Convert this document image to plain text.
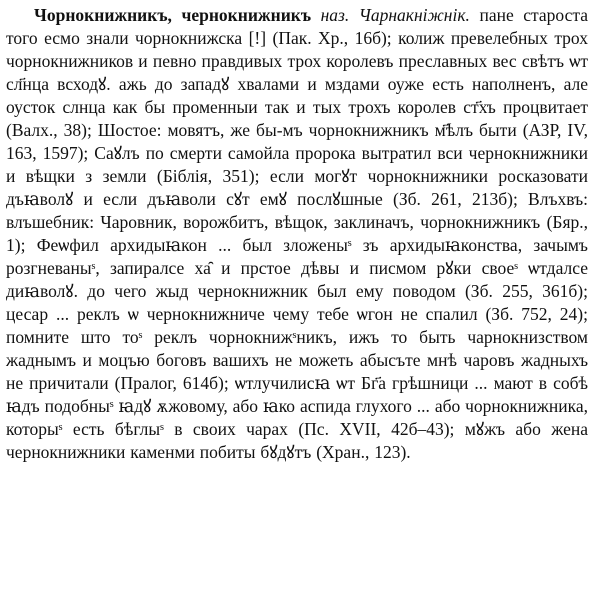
Чорнокнижникъ, чернокнижникъ наз. Чарнакніжнік. пане староста того есмо знали чорнокнижска [!] (Пак. Хр., 16б); колиж превелебных трох чорнокнижников и певно правдивых трох королевъ преславных вес свѣтъ ѡт сл҃нца всходꙋ. ажь до западꙋ хвалами и мздами оуже есть наполненъ, але оусток слнца как бы променныи так и тых трохъ королев ст҃хъ процвитает (Валх., 38); Шостое: мовятъ, же бы-мъ чорнокнижникъ м҃ѣлъ быти (АЗР, IV, 163, 1597); Саꙋлъ по смерти самойла пророка вытратил вси чернокнижники и вѣщки з земли (Біблія, 351); если могꙋт чорнокнижники росказовати дъꙗволꙋ и если дъꙗволи сꙋт емꙋ послꙋшные (Зб. 261, 213б); Влъхвъ: влъшебник: Чаровник, ворожбитъ, вѣщок, заклиначъ, чорнокнижникъ (Бяр., 1); Феѡфил архидыꙗкон ... был зложеныˢ зъ архидыꙗконства, зачымъ розгневаныˢ, запиралсе ха̑ и прстое дѣвы и писмом рꙋки своеˢ ѡтдалсе диꙗволꙋ. до чего жыд чернокнижник был ему поводом (Зб. 255, 361б); цесар ... реклъ ѡ чернокнижниче чему тебе ѡгон не спалил (Зб. 752, 24); помните што тоˢ реклъ чорнокнижˢникъ, ижъ то быть чарнокнизством жаднымъ и моцъю боговъ вашихъ не можеть абысъте мнѣ чаровъ жадныхъ не причитали (Пралог, 614б); ѡтлучилисꙗ ѡт Бг҃а грѣшници ... мают в собѣ ꙗдъ подобныˢ ꙗдꙋ ѫжовому, або ꙗко аспида глухого ... або чорнокнижника, которыˢ есть бѣглыˢ в своих чарах (Пс. XVII, 42б–43); мꙋжъ або жена чернокнижники каменми побиты бꙋдꙋтъ (Хран., 123).
